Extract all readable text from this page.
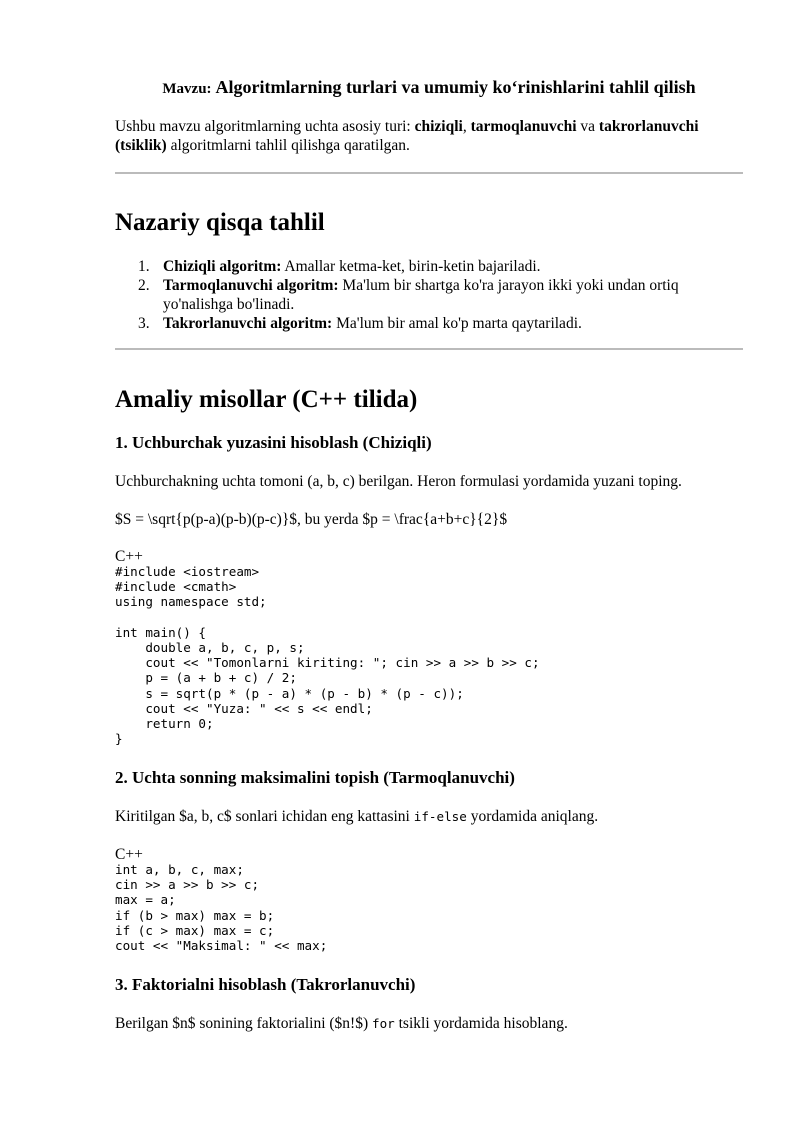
Mavzu: Algoritmlarning turlari va umumiy ko‘rinishlarini tahlil qilish
Ushbu mavzu algoritmlarning uchta asosiy turi: chiziqli, tarmoqlanuvchi va takrorlanuvchi (tsiklik) algoritmlarni tahlil qilishga qaratilgan.
Nazariy qisqa tahlil
1. Chiziqli algoritm: Amallar ketma-ket, birin-ketin bajariladi.
2. Tarmoqlanuvchi algoritm: Ma'lum bir shartga ko'ra jarayon ikki yoki undan ortiq yo'nalishga bo'linadi.
3. Takrorlanuvchi algoritm: Ma'lum bir amal ko'p marta qaytariladi.
Amaliy misollar (C++ tilida)
1. Uchburchak yuzasini hisoblash (Chiziqli)
Uchburchakning uchta tomoni (a, b, c) berilgan. Heron formulasi yordamida yuzani toping.
$S = \sqrt{p(p-a)(p-b)(p-c)}$, bu yerda $p = \frac{a+b+c}{2}$
C++
#include <iostream>
#include <cmath>
using namespace std;

int main() {
double a, b, c, p, s;
cout << "Tomonlarni kiriting: "; cin >> a >> b >> c;
p = (a + b + c) / 2;
s = sqrt(p * (p - a) * (p - b) * (p - c));
cout << "Yuza: " << s << endl;
return 0;
}
2. Uchta sonning maksimalini topish (Tarmoqlanuvchi)
Kiritilgan $a, b, c$ sonlari ichidan eng kattasini if-else yordamida aniqlang.
C++
int a, b, c, max;
cin >> a >> b >> c;
max = a;
if (b > max) max = b;
if (c > max) max = c;
cout << "Maksimal: " << max;
3. Faktorialni hisoblash (Takrorlanuvchi)
Berilgan $n$ sonining faktorialini ($n!$) for tsikli yordamida hisoblang.
